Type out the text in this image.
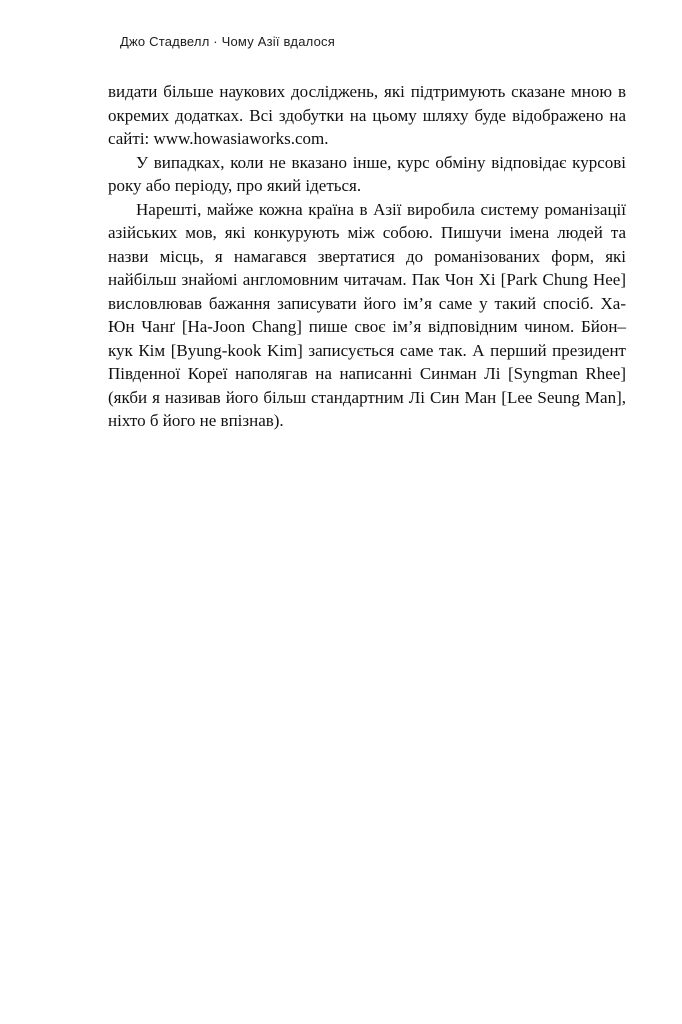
Джо Стадвелл · Чому Азії вдалося

видати більше наукових досліджень, які підтримують сказане мною в окремих додатках. Всі здобутки на цьому шляху буде відображено на сайті: www.howasiaworks.com.

У випадках, коли не вказано інше, курс обміну відповідає курсові року або періоду, про який ідеться.

Нарешті, майже кожна країна в Азії виробила систему романізації азійських мов, які конкурують між собою. Пишучи імена людей та назви місць, я намагався звертатися до романізованих форм, які найбільш знайомі англомовним читачам. Пак Чон Хі [Park Chung Hee] висловлював бажання записувати його ім’я саме у такий спосіб. Ха-Юн Чанґ [Ha-Joon Chang] пише своє ім’я відповідним чином. Бйон–кук Кім [Byung-kook Kim] записується саме так. А перший президент Південної Кореї наполягав на написанні Синман Лі [Syngman Rhee] (якби я називав його більш стандартним Лі Син Ман [Lee Seung Man], ніхто б його не впізнав).
